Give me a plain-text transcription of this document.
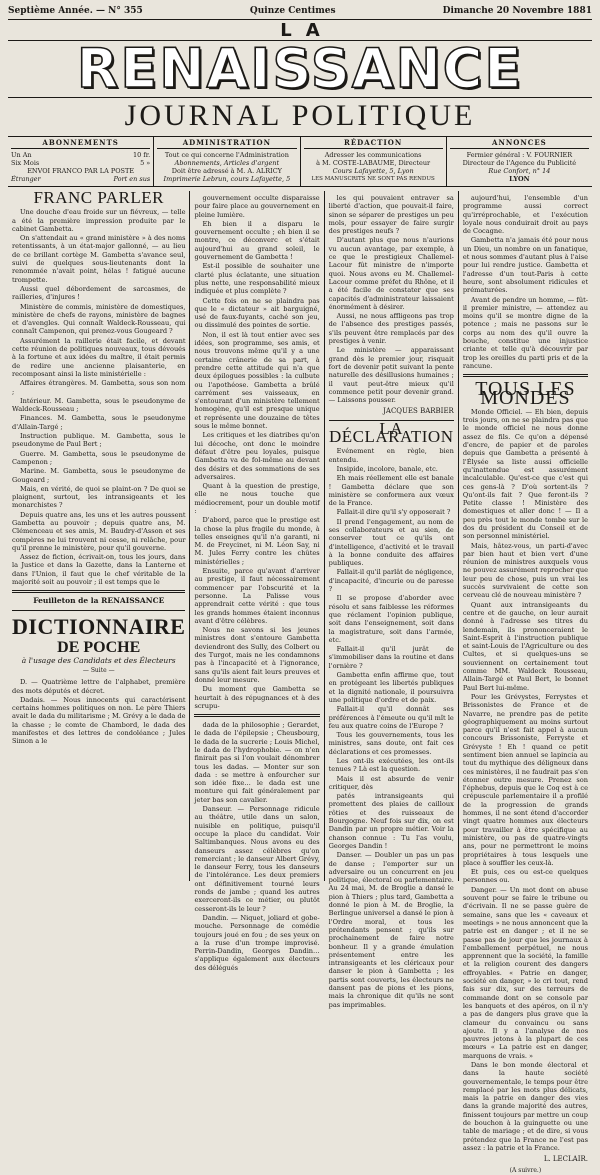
Septième Année. — N° 355	Quinze Centimes	Dimanche 20 Novembre 1881
LA
RENAISSANCE
JOURNAL POLITIQUE
ABONNEMENTS
Un An	10 fr.
Six Mois	5 »
ENVOI FRANCO PAR LA POSTE
Étranger	Port en sus
ADMINISTRATION
Tout ce qui concerne l'Administration
Abonnements, Articles d'argent
Doit être adressé à M. A. ALRICY
Imprimerie Lebrun, cours Lafayette, 5
RÉDACTION
Adresser les communications
à M. COSTE-LABAUME, Directeur
Cours Lafayette, 5, Lyon
LES MANUSCRITS NE SONT PAS RENDUS
ANNONCES
Fermier général : V. FOURNIER
Directeur de l'Agence du Publicité
Rue Confort, n° 14
LYON
FRANC PARLER

Une douche d'eau froide sur un fiévreux, — telle a été la première impression produite par le cabinet Gambetta.

On s'attendait au « grand ministère » à des noms retentissants, à un état-major gallonné, — au lieu de ce brillant cortège M. Gambetta s'avance seul, suivi de quelques sous-lieutenants dont la renommée n'avait point, hélas ! fatigué aucune trompette.

Aussi quel débordement de sarcasmes, de railleries, d'injures !

Ministère de commis, ministère de domestiques, ministère de chefs de rayons, ministère de bagnes et d'avengles. Qui connaît Waldeck-Rousseau, qui connaît Campenon, qui prenez-vous Gougeard ?

Assurément la raillerie était facile, et devant cette réunion de politiques nouveaux, tous dévoués à la fortune et aux idées du maître, il était permis de redire une ancienne plaisanterie, en recomposant ainsi la liste ministérielle :

Affaires étrangères. M. Gambetta, sous son nom ;

Intérieur. M. Gambetta, sous le pseudonyme de Waldeck-Rousseau ;

Finances. M. Gambetta, sous le pseudonyme d'Allain-Targé ;

Instruction publique. M. Gambetta, sous le pseudonyme de Paul Bert ;

Guerre. M. Gambetta, sous le pseudonyme de Campenon ;

Marine. M. Gambetta, sous le pseudonyme de Gougeard ;

Mais, en vérité, de quoi se plaint-on ? De quoi se plaignent, surtout, les intransigeants et les monarchistes ?

Depuis quatre ans, les uns et les autres poussent Gambetta au pouvoir ; depuis quatre ans, M. Clémenceau et ses amis, M. Baudry-d'Asson et ses compères ne lui trouvent ni cesse, ni relâche, pour qu'il prenne le ministère, pour qu'il gouverne.

Assez de fiction, écrivait-on, tous les jours, dans la Justice et dans la Gazette, dans la Lanterne et dans l'Union, il faut que le chef véritable de la majorité soit au pouvoir ; il est temps que le

Feuilleton de la RENAISSANCE
DICTIONNAIRE
DE POCHE
à l'usage des Candidats et des Électeurs
— Suite —

D. — Quatrième lettre de l'alphabet, première des mots députés et décret.

Dadais. — Nous innocents qui caractérisent certains hommes politiques on non. Le père Thiers avait le dada du militarisme ; M. Grévy a le dada de la chasse ; le comte de Chambord, le dada des manifestes et des lettres de condoléance ; Jules Simon a le

gouvernement occulte disparaisse pour faire place au gouvernement en pleine lumière.

Eh bien il a disparu le gouvernement occulte ; eh bien il se montre, ce déconverc et s'était aujourd'hui au grand soleil, le gouvernement de Gambetta !

Est-il possible de souhaiter une clarté plus éclatante, une situation plus nette, une responsabilité mieux indiquée et plus complète ?

Cette fois on ne se plaindra pas que le « dictateur » ait barguigné, usé de faux-fuyants, caché son jeu, ou dissimulé des pointes de sortie.

Non, il est là tout entier avec ses idées, son programme, ses amis, et nous trouvons même qu'il y a une certaine crânerie de sa part, à prendre cette attitude qui n'a que deux épilogues possibles : la culbute ou l'apothéose. Gambetta a brûlé carrément ses vaisseaux, en s'entourant d'un ministère tellement homogène, qu'il est presque unique et représente une douzaine de têtes sous le même bonnet.

Les critiques et les diatribes qu'on lui décoche, ont donc le moindre défaut d'être peu loyales, puisque Gambetta va de fol-même au devant des désirs et des sommations de ses adversaires.

Quant à la question de prestige, elle ne nous touche que médiocrement, pour un double motif :

D'abord, parce que le prestige est la chose la plus fragile du monde, à telles enseignes qu'il n'a garanti, ni M. de Freycinet, ni M. Léon Say, ni M. Jules Ferry contre les chûtes ministérielles ;

Ensuite, parce qu'avant d'arriver au prestige, il faut nécessairement commencer par l'obscurité et la personne. La Palisse vous apprendrait cette vérité : que tous les grands hommes étaient inconnus avant d'être célèbres.

Nous ne savons si les jeunes ministres dont s'entoure Gambetta deviendront des Sully, des Colbert ou des Turgot, mais ne les condamnons pas à l'incapacité et à l'ignorance, sans qu'ils aient fait leurs preuves et donné leur mesure.

Du moment que Gambetta se heurtait à des répugnances et à des scrupu-

dada de la philosophie ; Gerardet, le dada de l'épilepsie ; Cheusbourg, le dada de la sucrerie ; Louis Michel, le dada de l'hydrophobie. — on n'en finirait pas si l'on voulait dénombrer tous les dadas. — Monter sur son dada : se mettre à enfourcher sur son idée fixe… le dada est une monture qui fait généralement par jeter bas son cavalier.

Danseur. — Personnage ridicule au théâtre, utile dans un salon, nuisible en politique, puisqu'il occupe la place du candidat. Voir Saltimbanques. Nous avons eu des danseurs assez célèbres qu'on remerciant ; le danseur Albert Grévy, le danseur Ferry, tous les danseurs de l'intolérance. Les deux premiers ont définitivement tourné leurs ronds de jambe ; quand les autres exerceront-ils ce métier, ou plutôt cesseront-ils le leur ?

Dandin. — Niquet, joliard et gobe-mouche. Personnage de comédie toujours joué en fou ; de ses yeux on a la ruse d'un trompe improvisé. Perrin-Dandin, Georges Dandin… s'applique également aux électeurs des délégués

les qui pouvaient entraver sa liberté d'action, que pouvait-il faire, sinon se séparer de prestiges un peu mols, pour essayer de faire surgir des prestiges neufs ?

D'autant plus que nous n'aurions vu aucun avantage, par exemple, à ce que le prestigieux Challemel-Lacour fût ministre de n'importe quoi. Nous avons eu M. Challemel-Lacour comme préfet du Rhône, et il a été facile de constater que ses capacités d'administrateur laissaient énormément à désirer.

Aussi, ne nous affligeons pas trop de l'absence des prestiges passés, s'ils peuvent être remplacés par des prestiges à venir.

Le ministère — apparaissant grand dès le premier jour, risquait fort de devenir petit suivant la pente naturelle des désillusions humaines ; il vaut peut-être mieux qu'il commence petit pour devenir grand. — Laissons pousser.

JACQUES BARBIER
LA DÉCLARATION

Evénement en règle, bien entendu.

Insipide, incolore, banale, etc.

Eh mais réellement elle est banale ! Gambetta déclare que son ministère se conformera aux vœux de la France.

Fallait-il dire qu'il s'y opposerait ?

Il prend l'engagement, au nom de ses collaborateurs et au sien, de conserver tout ce qu'ils ont d'intelligence, d'activité et le travail à la bonne conduite des affaires publiques.

Fallait-il qu'il parlât de négligence, d'incapacité, d'incurie ou de paresse ?

Il se propose d'aborder avec résolu et sans faiblesse les réformes que réclament l'opinion publique, soit dans l'enseignement, soit dans la magistrature, soit dans l'armée, etc.

Fallait-il qu'il jurât de s'immobiliser dans la routine et dans l'ornière ?

Gambetta enfin affirme que, tout en protégeant les libertés publiques et la dignité nationale, il poursuivra une politique d'ordre et de paix.

Fallait-il qu'il donnât ses préférences à l'émeute ou qu'il mît le feu aux quatre coins de l'Europe ?

Tous les gouvernements, tous les ministres, sans doute, ont fait ces déclarations et ces promesses.

Les ont-ils exécutées, les ont-ils tenues ? Là est la question.

Mais il est absurde de venir critiquer, dès

patés intransigeants qui promettent des plaies de cailloux rôties et des ruisseaux de Bourgogne. Neuf fois sur dix, on est Dandin par un propre métier. Voir la chanson connue : Tu l'as voulu, Georges Dandin !

Danser. — Doubler un pas un pas de danse ; l'emporter sur un adversaire ou un concurrent en jeu politique, électoral ou parlementaire. Au 24 mai, M. de Broglie a dansé le pion à Thiers ; plus tard, Gambetta a donné le pion à M. de Broglie, la Berlingue universel a dansé le pion à l'Ordre moral, et tous les prétendants pensent ; qu'ils sur prochainement de faire notre bonheur. Il y a grande émulation présentement entre les intransigeants et les cléricaux pour danser le pion à Gambetta ; les partis sont couverts, les électeurs ne dansent pas de pions et les pions, mais la chronique dit qu'ils ne sont pas imprimables.

aujourd'hui, l'ensemble d'un programme aussi correct qu'irréprochable, et l'exécution loyale nous conduirait droit au pays de Cocagne.

Gambetta n'a jamais été pour nous un Dieu, un nombre on un fanatique, et nous sommes d'autant plus à l'aise pour lui rendre justice. Gambetta et l'adresse d'un tout-Paris à cette heure, sont absolument ridicules et prématurées.

Avant de pendre un homme, — fût-il premier ministre, — attendez au moins qu'il se montre digne de la potence ; mais ne passons sur le corps au nom des qu'il ouvre la bouche, constitue une injustice criante et telle qu'à découvrir par trop les oreilles du parti pris et de la rancune.

TOUS LES MONDES

Monde Officiel. — Eh bien, depuis trois jours, on ne se plaindra pas que le monde officiel ne nous donne assez de fils. Ce qu'on a dépensé d'encre, de papier et de paroles depuis que Gambetta a présenté à l'Élysée sa liste aussi officielle qu'inattendue est assurément incalculable. Qu'est-ce que c'est qui ces gens-là ? D'où sortent-ils ? Qu'ont-ils fait ? Que feront-ils ? Petite classe ! Ministère des domestiques et aller donc ! — Il a peu près tout le monde tombe sur le dos du président du Conseil et de son personnel ministériel.

Mais, hâtez-vous, un parti-d'avec par bien haut et bien vert d'une réunion de ministres auxquels vous ne pouvez assurément reprocher que leur peu de chose, puis un vrai les succès survivaient de cette son cerveau clé de nouveau ministère ?

Quant aux intransigeants du centre et de gauche, on leur aurait donné à l'adresse ses titres du lendemain, ils prononceraient le Saint-Esprit à l'instruction publique et saint-Louis de l'Agriculture ou des Cultes, et si quelques-uns se souviennent on certainement tout comme MM. Waldeck Rousseau, Allain-Targé et Paul Bert, le bonnet Paul Bert lui-même.

Pour les Grévystes, Ferrystes et Brissonistes de France et de Navarre, ne prendre pas de petite géographiquement au moins surtout parce qu'il n'est fait appel à aucun concours Brissoniste, Ferryste et Grévyste ! Eh ! quand ce petit sentiment bien annuel se lapincia au tout du mythique des déligneux dans ces ministères, il ne faudrait pas s'en étonner outre mesure. Prenez son l'éphebus, depuis que le Coq est à ce crépuscule parlementaire il a profilé de la progression de grands hommes, il ne sont étend d'accorder vingt quatre hommes aux électeurs pour travailler à être spécifique au ministère, ou pas de quatre-vingts ans, pour ne permettront le moins propriétaires à tous lesquels une place à souffler les ceux-là.

Et puis, ces ou est-ce quelques personnes ou.

Danger. — Un mot dont on abuse souvent pour se faire le tribune ou d'écrivain. Il ne se passe guère de semaine, sans que les « caveaux et meetings » ne nous annoncent que la patrie est en danger ; et il ne se passe pas de jour que les journaux à l'emballement perpétuel, ne nous apprennent que la société, la famille et la religion courent des dangers effroyables. « Patrie en danger, société en danger, » le cri tout, rend fais sur dix, sur des terreurs de commande dont on se console par les banquets et des apéros, on il n'y a pas de dangers plus grave que la clameur du convaincu ou sans ajoute. Il y a l'analyse de nos pauvres jetons à la plupart de ces mœurs « La patrie est en danger, marquons de vrais. »

Dans le bon monde électoral et dans la haute société gouvernementale, le temps pour être remplacé par les mots plus délicats, mais la patrie en danger des vies dans la grande majorité des autres, finissent toujours par mettre un coup de bouchon à la guinguette ou une table de mariage ; et de dire, si vous prétendez que la France ne l'est pas assez : la patrie et la France.

L. LECLAIR.
(A suivre.)
